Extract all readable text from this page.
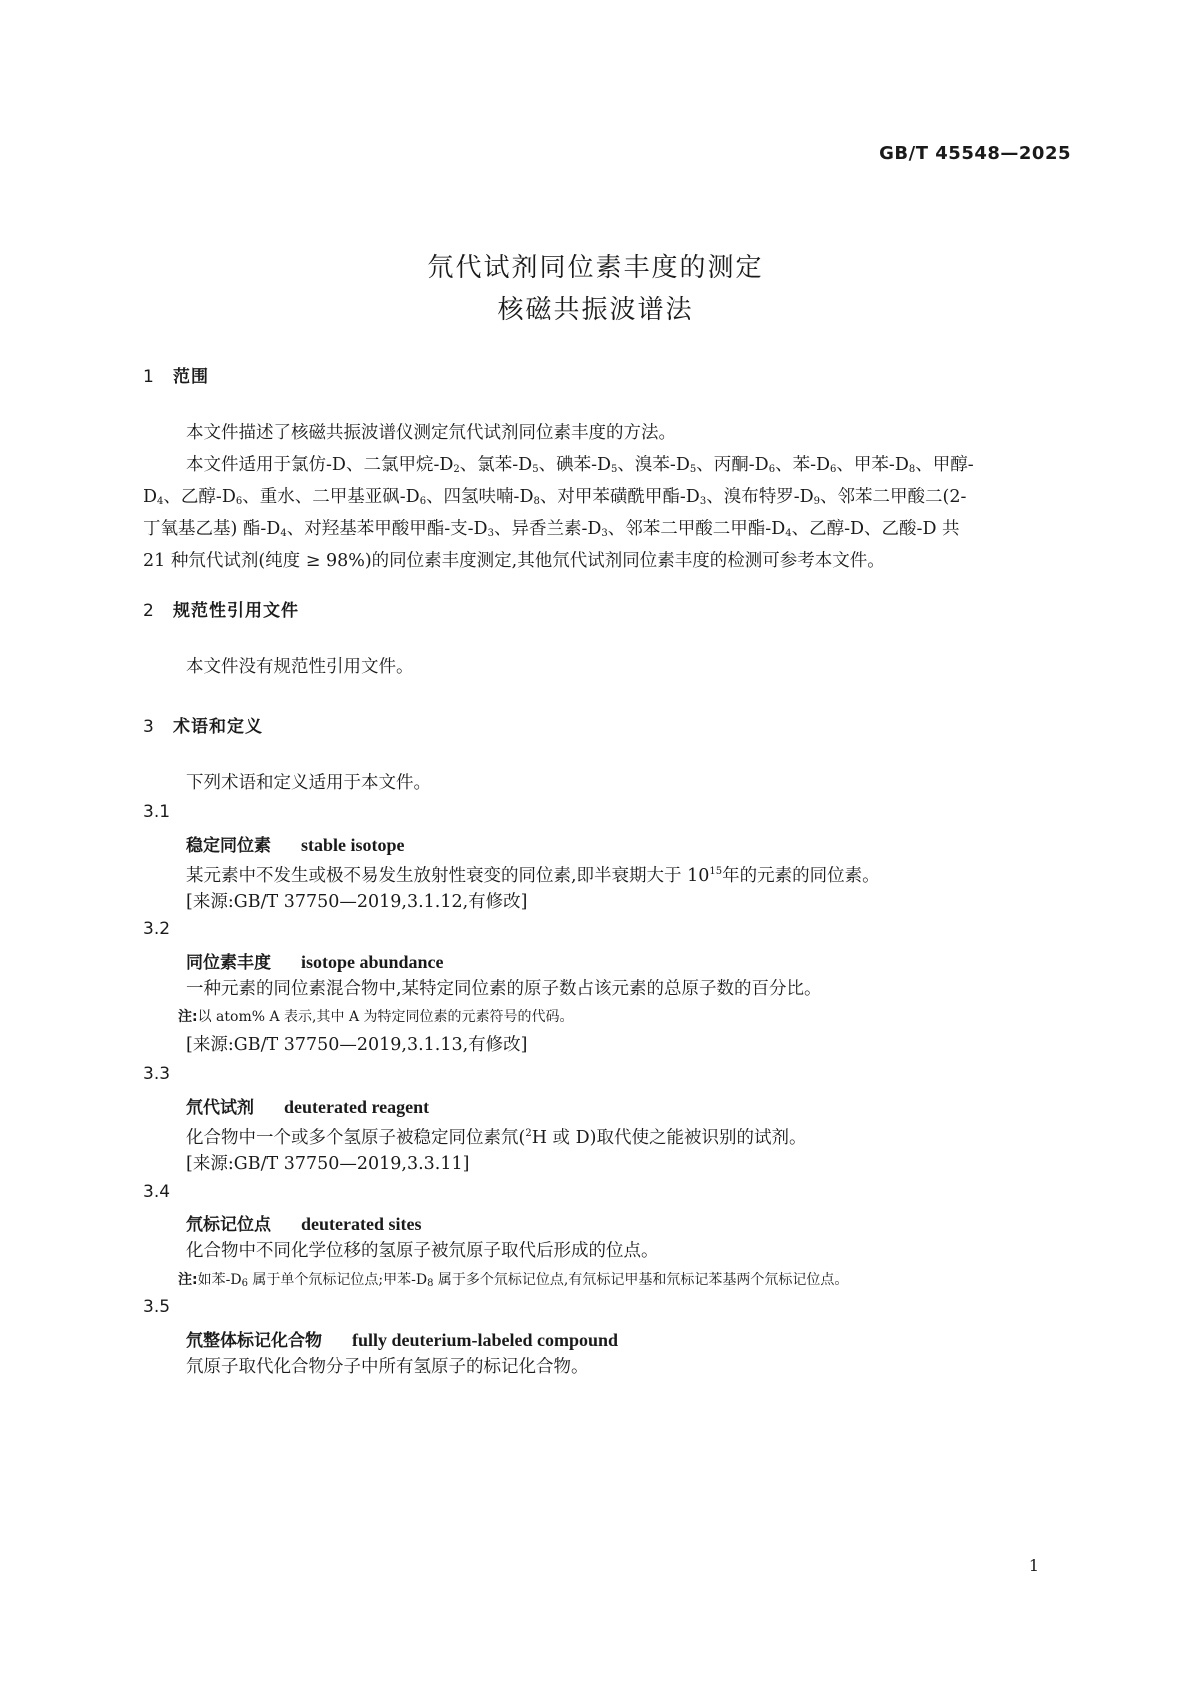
GB/T 45548—2025
氘代试剂同位素丰度的测定
核磁共振波谱法
1 范围
本文件描述了核磁共振波谱仪测定氘代试剂同位素丰度的方法。
本文件适用于氯仿-D、二氯甲烷$-D_2$、氯苯$-D_5$、碘苯$-D_5$、溴苯$-D_5$、丙酮$-D_6$、苯$-D_6$、甲苯$-D_8$、甲醇-
$D_4$、乙醇$-D_6$、重水、二甲基亚砜$-D_6$、四氢呋喃$-D_8$、对甲苯磺酰甲酯$-D_3$、溴布特罗$-D_9$、邻苯二甲酸二(2-
丁氧基乙基) 酯$-D_4$、对羟基苯甲酸甲酯-支$-D_3$、异香兰素$-D_3$、邻苯二甲酸二甲酯$-D_4$、乙醇-D、乙酸-D 共
21 种氘代试剂(纯度 ≥ 98%)的同位素丰度测定,其他氘代试剂同位素丰度的检测可参考本文件。
2 规范性引用文件
本文件没有规范性引用文件。
3 术语和定义
下列术语和定义适用于本文件。
3.1
稳定同位素 stable isotope
某元素中不发生或极不易发生放射性衰变的同位素,即半衰期大于 $10^{15}$年的元素的同位素。
[来源:GB/T 37750—2019,3.1.12,有修改]
3.2
同位素丰度 isotope abundance
一种元素的同位素混合物中,某特定同位素的原子数占该元素的总原子数的百分比。
注:以 atom% A 表示,其中 A 为特定同位素的元素符号的代码。
[来源:GB/T 37750—2019,3.1.13,有修改]
3.3
氘代试剂 deuterated reagent
化合物中一个或多个氢原子被稳定同位素氘($^2$H 或 D)取代使之能被识别的试剂。
[来源:GB/T 37750—2019,3.3.11]
3.4
氘标记位点 deuterated sites
化合物中不同化学位移的氢原子被氘原子取代后形成的位点。
注:如苯$-D_6$ 属于单个氘标记位点;甲苯$-D_8$ 属于多个氘标记位点,有氘标记甲基和氘标记苯基两个氘标记位点。
3.5
氘整体标记化合物 fully deuterium-labeled compound
氘原子取代化合物分子中所有氢原子的标记化合物。
1
